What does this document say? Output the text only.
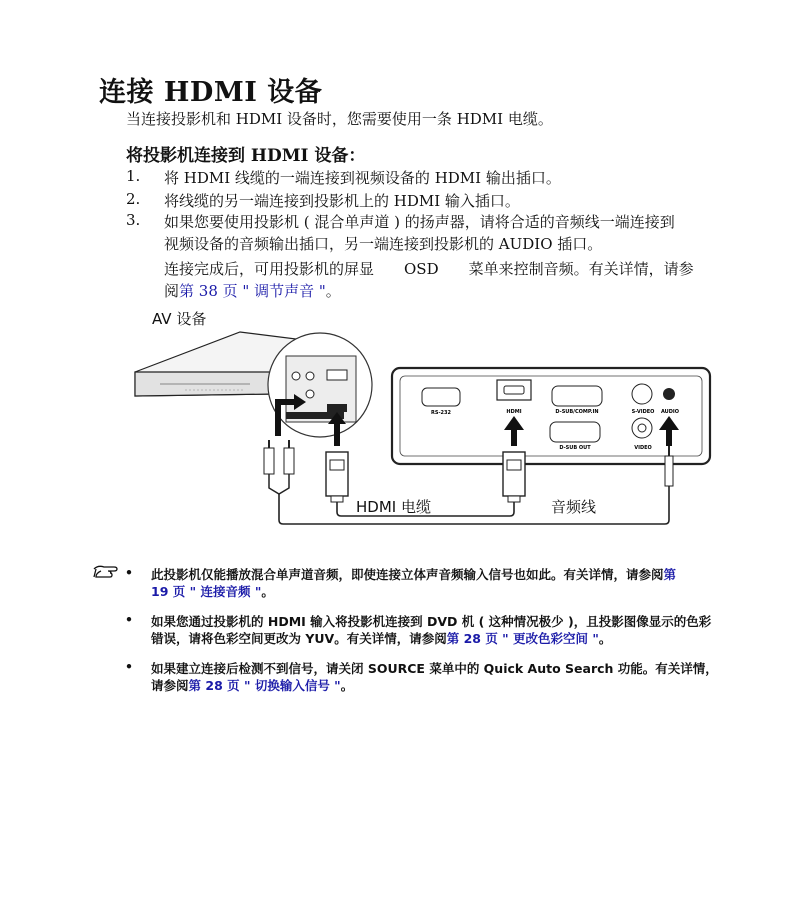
连接 HDMI 设备
当连接投影机和 HDMI 设备时，您需要使用一条 HDMI 电缆。
将投影机连接到 HDMI 设备：
1.	将 HDMI 线缆的一端连接到视频设备的 HDMI 输出插口。
2.	将线缆的另一端连接到投影机上的 HDMI 输入插口。
3.	如果您要使用投影机 ( 混合单声道 ) 的扬声器，请将合适的音频线一端连接到
视频设备的音频输出插口，另一端连接到投影机的 AUDIO 插口。
连接完成后，可用投影机的屏显　　OSD　　菜单来控制音频。有关详情，请参
阅第 38 页 " 调节声音 "。
AV 设备
RS-232	HDMI	D-SUB/COMP.IN	S-VIDEO AUDIO
D-SUB OUT	VIDEO
HDMI 电缆	音频线
• 此投影机仅能播放混合单声道音频，即使连接立体声音频输入信号也如此。有关详情，请参阅第
19 页 " 连接音频 "。
• 如果您通过投影机的 HDMI 输入将投影机连接到 DVD 机 ( 这种情况极少 )，且投影图像显示的色彩
错误，请将色彩空间更改为 YUV。有关详情，请参阅第 28 页 " 更改色彩空间 "。
• 如果建立连接后检测不到信号，请关闭 SOURCE 菜单中的 Quick Auto Search 功能。有关详情，
请参阅第 28 页 " 切换输入信号 "。
